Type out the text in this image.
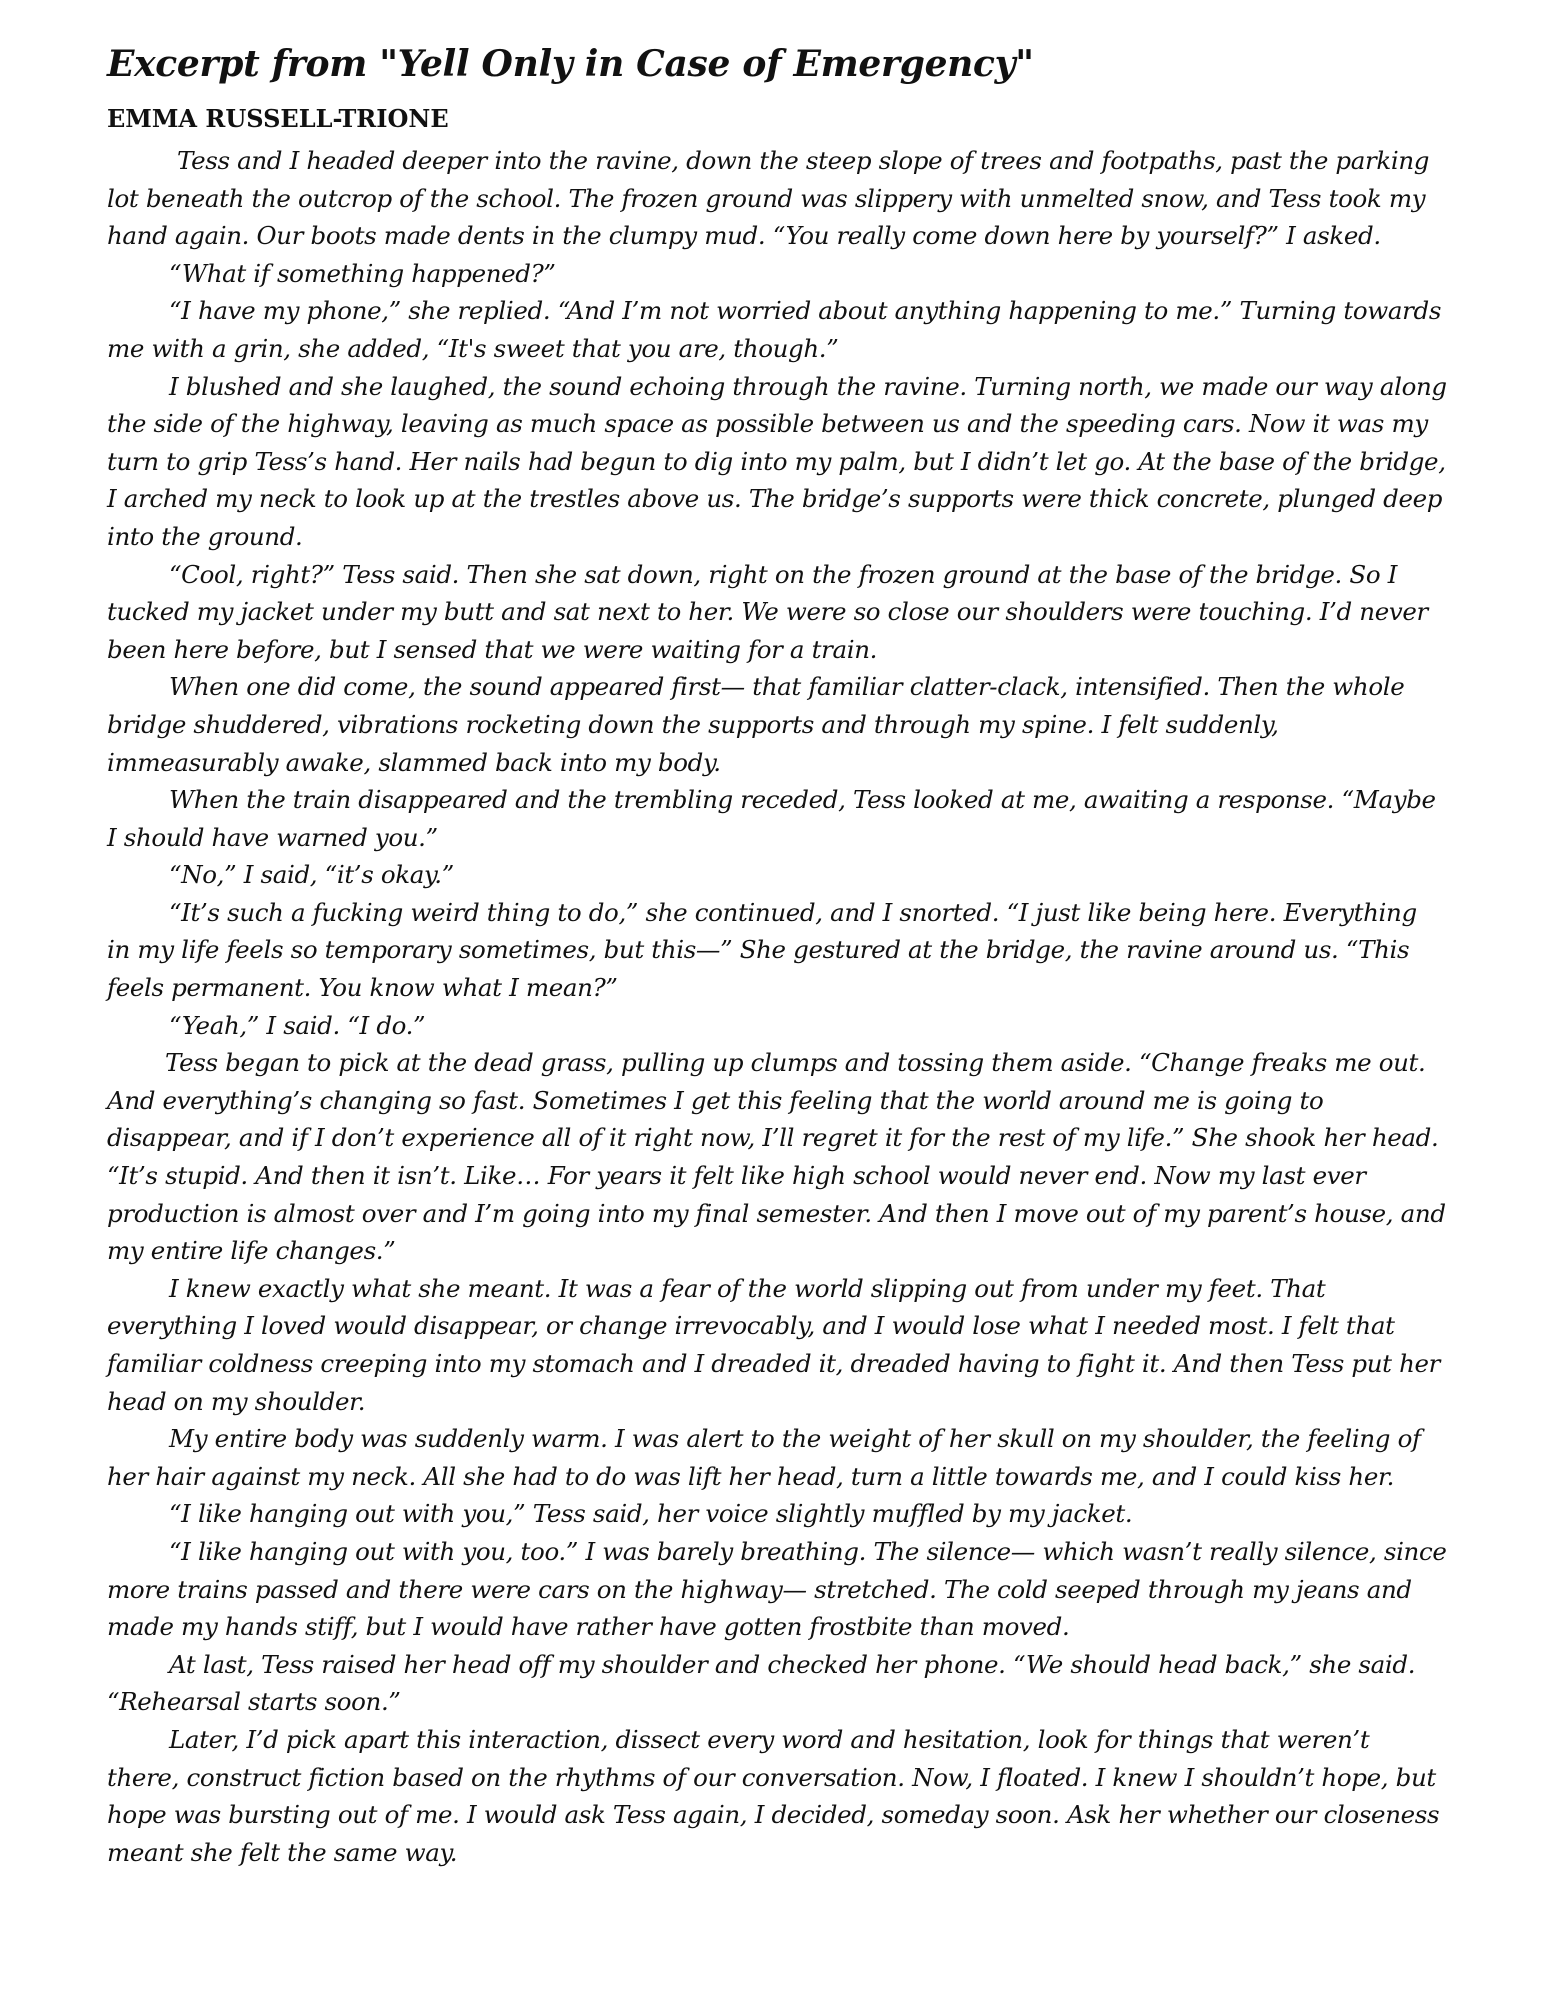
Excerpt from "Yell Only in Case of Emergency"
EMMA RUSSELL-TRIONE

Tess and I headed deeper into the ravine, down the steep slope of trees and footpaths, past the parking lot beneath the outcrop of the school. The frozen ground was slippery with unmelted snow, and Tess took my hand again. Our boots made dents in the clumpy mud. “You really come down here by yourself?” I asked.

“What if something happened?”

“I have my phone,” she replied. “And I’m not worried about anything happening to me.” Turning towards me with a grin, she added, “It's sweet that you are, though.”

I blushed and she laughed, the sound echoing through the ravine. Turning north, we made our way along the side of the highway, leaving as much space as possible between us and the speeding cars. Now it was my turn to grip Tess’s hand. Her nails had begun to dig into my palm, but I didn’t let go. At the base of the bridge, I arched my neck to look up at the trestles above us. The bridge’s supports were thick concrete, plunged deep into the ground.

“Cool, right?” Tess said. Then she sat down, right on the frozen ground at the base of the bridge. So I tucked my jacket under my butt and sat next to her. We were so close our shoulders were touching. I’d never been here before, but I sensed that we were waiting for a train.

When one did come, the sound appeared first— that familiar clatter-clack, intensified. Then the whole bridge shuddered, vibrations rocketing down the supports and through my spine. I felt suddenly, immeasurably awake, slammed back into my body.

When the train disappeared and the trembling receded, Tess looked at me, awaiting a response. “Maybe I should have warned you.”

“No,” I said, “it’s okay.”

“It’s such a fucking weird thing to do,” she continued, and I snorted. “I just like being here. Everything in my life feels so temporary sometimes, but this—” She gestured at the bridge, the ravine around us. “This feels permanent. You know what I mean?”

“Yeah,” I said. “I do.”

Tess began to pick at the dead grass, pulling up clumps and tossing them aside. “Change freaks me out. And everything’s changing so fast. Sometimes I get this feeling that the world around me is going to disappear, and if I don’t experience all of it right now, I’ll regret it for the rest of my life.” She shook her head. “It’s stupid. And then it isn’t. Like… For years it felt like high school would never end. Now my last ever production is almost over and I’m going into my final semester. And then I move out of my parent’s house, and my entire life changes.”

I knew exactly what she meant. It was a fear of the world slipping out from under my feet. That everything I loved would disappear, or change irrevocably, and I would lose what I needed most. I felt that familiar coldness creeping into my stomach and I dreaded it, dreaded having to fight it. And then Tess put her head on my shoulder.

My entire body was suddenly warm. I was alert to the weight of her skull on my shoulder, the feeling of her hair against my neck. All she had to do was lift her head, turn a little towards me, and I could kiss her.

“I like hanging out with you,” Tess said, her voice slightly muffled by my jacket.

“I like hanging out with you, too.” I was barely breathing. The silence— which wasn’t really silence, since more trains passed and there were cars on the highway— stretched. The cold seeped through my jeans and made my hands stiff, but I would have rather have gotten frostbite than moved.

At last, Tess raised her head off my shoulder and checked her phone. “We should head back,” she said. “Rehearsal starts soon.”

Later, I’d pick apart this interaction, dissect every word and hesitation, look for things that weren’t there, construct fiction based on the rhythms of our conversation. Now, I floated. I knew I shouldn’t hope, but hope was bursting out of me. I would ask Tess again, I decided, someday soon. Ask her whether our closeness meant she felt the same way.
